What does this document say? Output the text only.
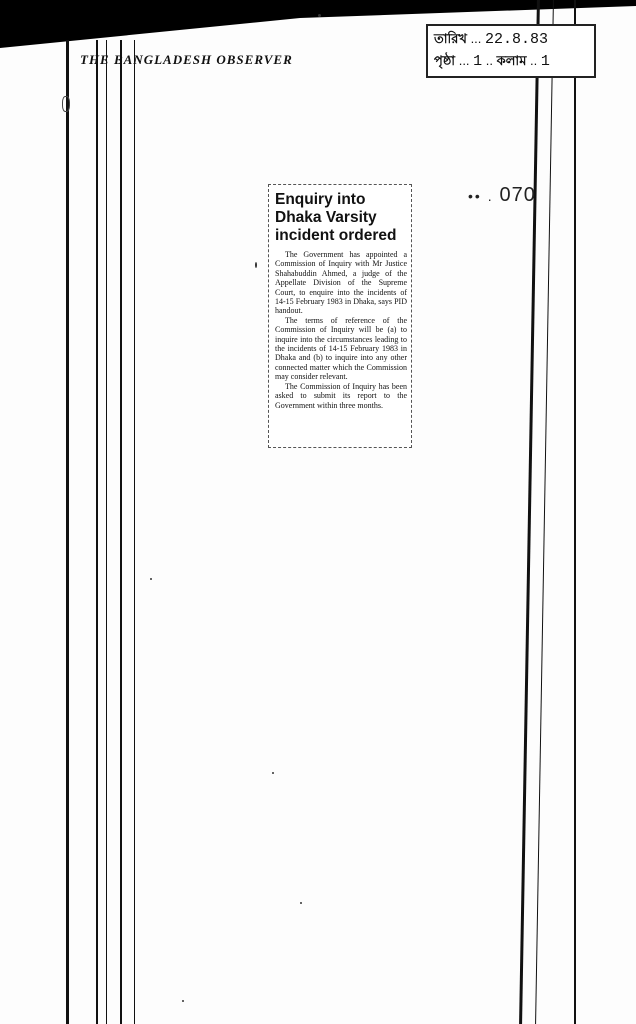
THE BANGLADESH OBSERVER
তারিখ ... 22.8.83
পৃষ্ঠা ... 1 .. কলাম .. 1
•• . 070
Enquiry into
Dhaka Varsity
incident ordered

The Government has appointed a Commission of Inquiry with Mr Justice Shahabuddin Ahmed, a judge of the Appellate Division of the Supreme Court, to enquire into the incidents of 14-15 February 1983 in Dhaka, says PID handout.

The terms of reference of the Commission of Inquiry will be (a) to inquire into the circumstances leading to the incidents of 14-15 February 1983 in Dhaka and (b) to inquire into any other connected matter which the Commission may consider relevant.

The Commission of Inquiry has been asked to submit its report to the Government within three months.
